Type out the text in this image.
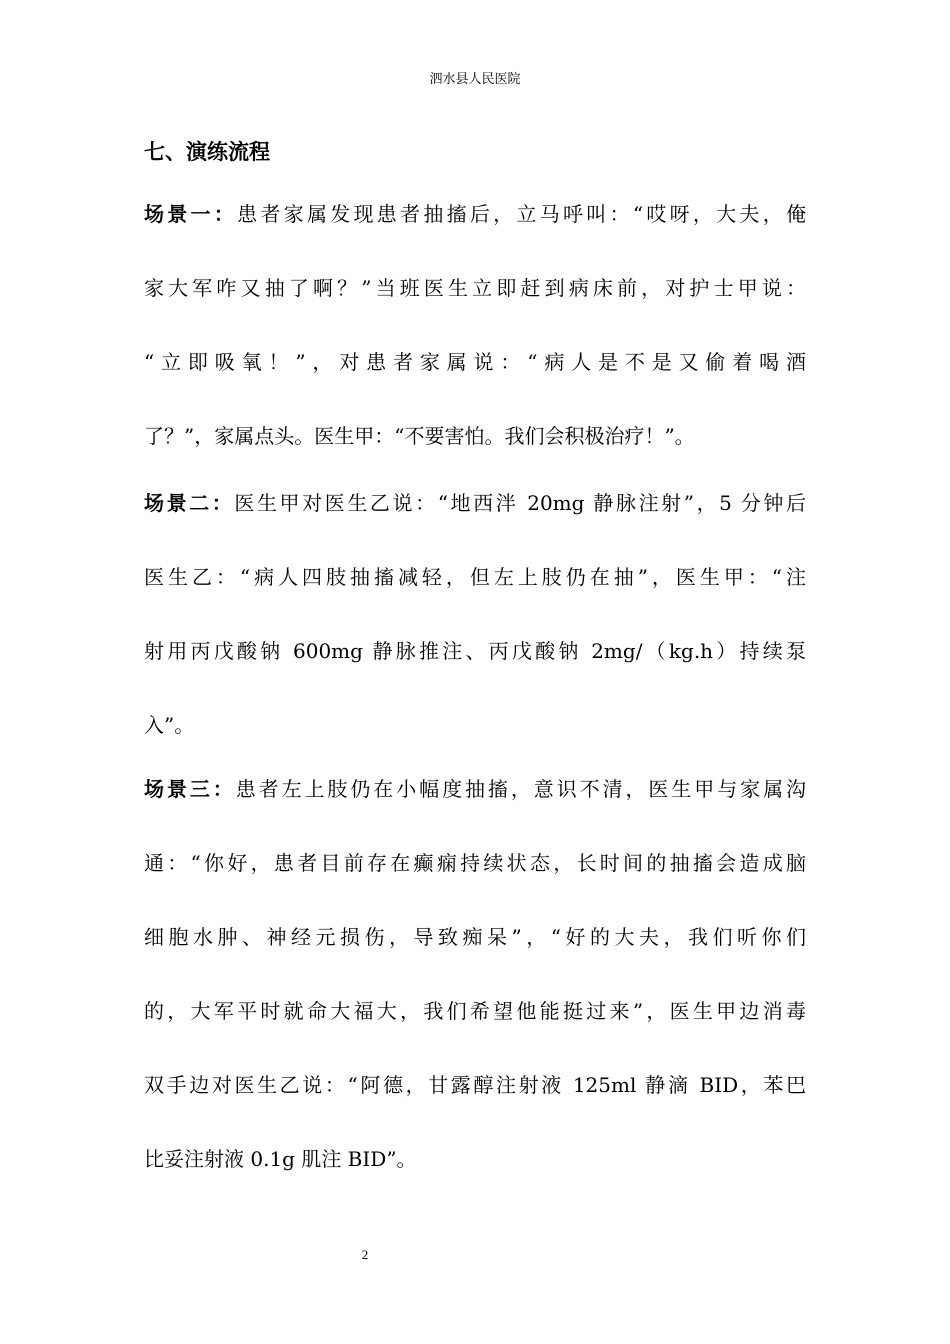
泗水县人民医院
七、演练流程
场景一：患者家属发现患者抽搐后，立马呼叫：“哎呀，大夫，俺
家大军咋又抽了啊？”当班医生立即赶到病床前，对护士甲说：
“立即吸氧！”，对患者家属说：“病人是不是又偷着喝酒
了？”，家属点头。医生甲：“不要害怕。我们会积极治疗！”。
场景二：医生甲对医生乙说：“地西泮 20mg 静脉注射”，5 分钟后
医生乙：“病人四肢抽搐减轻，但左上肢仍在抽”，医生甲：“注
射用丙戊酸钠 600mg 静脉推注、丙戊酸钠 2mg/（kg.h）持续泵
入”。
场景三：患者左上肢仍在小幅度抽搐，意识不清，医生甲与家属沟
通：“你好，患者目前存在癫痫持续状态，长时间的抽搐会造成脑
细胞水肿、神经元损伤，导致痴呆”，“好的大夫，我们听你们
的，大军平时就命大福大，我们希望他能挺过来”，医生甲边消毒
双手边对医生乙说：“阿德，甘露醇注射液 125ml 静滴 BID，苯巴
比妥注射液 0.1g 肌注 BID”。
2
